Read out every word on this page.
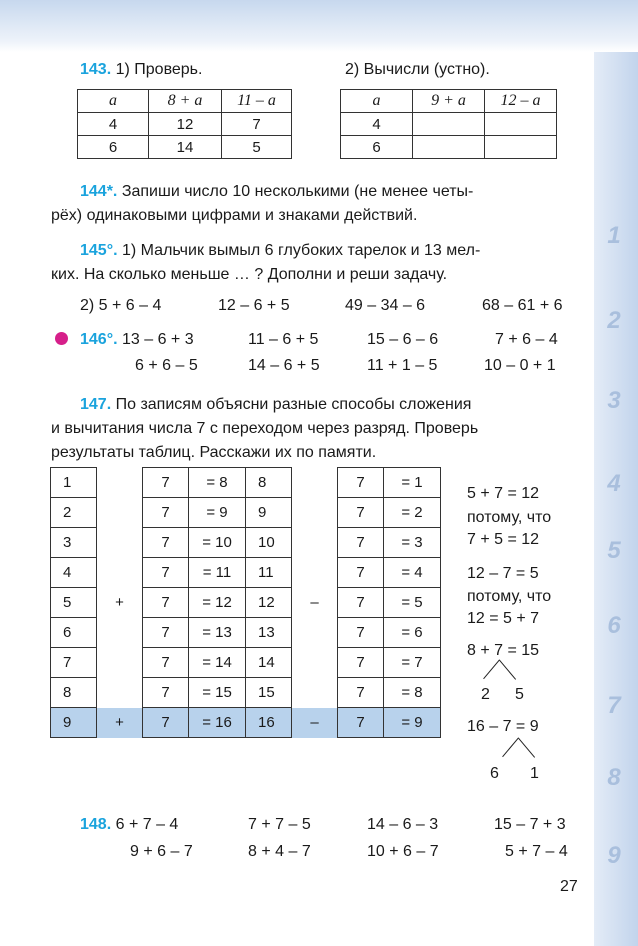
1
2
3
4
5
6
7
8
9
143. 1) Проверь.	2) Вычисли (устно).
a	8 + a	11 – a
4	12	7
6	14	5
a	9 + a	12 – a
4		
6		
144*. Запиши число 10 несколькими (не менее четы-
рёх) одинаковыми цифрами и знаками действий.
145°. 1) Мальчик вымыл 6 глубоких тарелок и 13 мел-
ких. На сколько меньше … ? Дополни и реши задачу.
2) 5 + 6 – 4	12 – 6 + 5	49 – 34 – 6	68 – 61 + 6
146°. 13 – 6 + 3	11 – 6 + 5	15 – 6 – 6	7 + 6 – 4
6 + 6 – 5	14 – 6 + 5	11 + 1 – 5	10 – 0 + 1
147. По записям объясни разные способы сложения
и вычитания числа 7 с переходом через разряд. Проверь
результаты таблиц. Расскажи их по памяти.
1		7	= 8	8		7	= 1
2		7	= 9	9		7	= 2
3		7	= 10	10		7	= 3
4		7	= 11	11		7	= 4
5	+	7	= 12	12	–	7	= 5
6		7	= 13	13		7	= 6
7		7	= 14	14		7	= 7
8		7	= 15	15		7	= 8
9	+	7	= 16	16	–	7	= 9
5 + 7 = 12
потому, что
7 + 5 = 12
12 – 7 = 5
потому, что
12 = 5 + 7
8 + 7 = 15
2 5
16 – 7 = 9
6 1
148. 6 + 7 – 4	7 + 7 – 5	14 – 6 – 3	15 – 7 + 3
9 + 6 – 7	8 + 4 – 7	10 + 6 – 7	5 + 7 – 4
27
